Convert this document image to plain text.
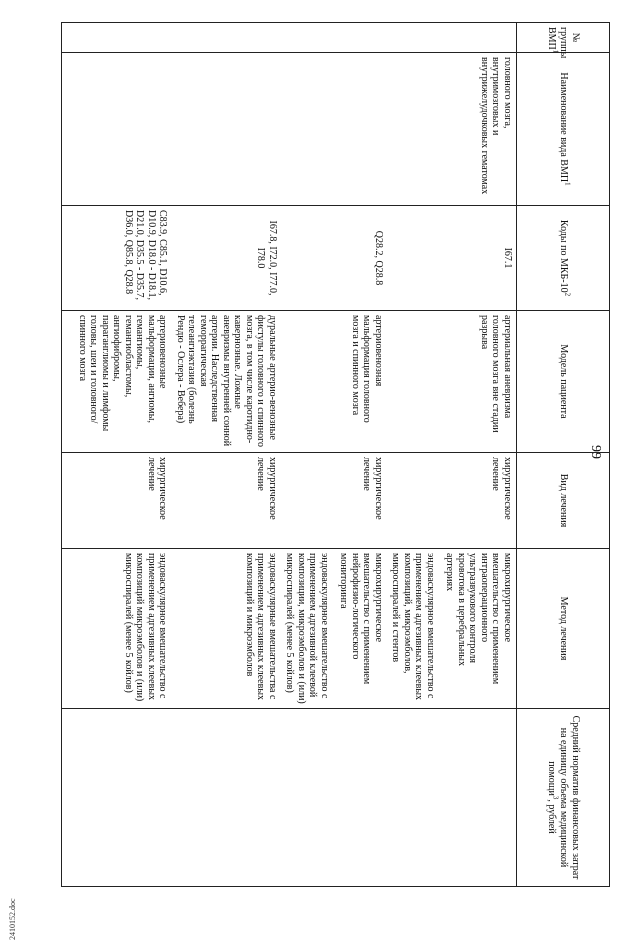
99
2410152.doc
№ группы ВМП$^1$	Наименование вида ВМП$^1$	Коды по МКБ-$10^2$	Модель пациента	Вид лечения	Метод лечения	Средний норматив финансовых затрат на единицу объема медицинской помощи$^3$, рублей
	головного мозга, внутримозговых и внутрижелудочковых гематомах	I67.1	артериальная аневризма головного мозга вне стадии разрыва	хирургическое лечение	микрохирургическое вмешательство с применением интраоперационного ультразвукового контроля кровотока в церебральных артериях

эндоваскулярное вмешательство с применением адгезивных клеевых композиций, микроэмболов, микроспиралей и стентов	

		Q28.2, Q28.8	артериовенозная мальформация головного мозга и спинного мозга	хирургическое лечение	микрохирургическое вмешательство с применением нейрофизио-логического мониторинга

эндоваскулярное вмешательство с применением адгезивной клеевой композиции, микроэмболов и (или) микроспиралей (менее 5 койлов)	

		I67.8, I72.0, I77.0, I78.0	дуральные артерио-венозные фистулы головного и спинного мозга, в том числе каротидно-кавернозные. Ложные аневризмы внутренней сонной артерии. Наследственная геморрагическая телеангиэктазия (болезнь Рендю - Ослера - Вебера)	хирургическое лечение	эндоваскулярные вмешательства с применением адгезивных клеевых композиций и микроэмболов	

		C83.9, C85.1, D10.6, D10.9, D18.0 - D18.1, D21.0, D35.5 - D35.7, D36.0, Q85.8, Q28.8	артериовенозные мальформации, ангиомы, гемангиомы, гемангиобластомы, ангиофибромы, параганглиомы и лимфомы головы, шеи и головного/спинного мозга	хирургическое лечение	эндоваскулярное вмешательство с применением адгезивных клеевых композиций микроэмболов и (или) микроспиралей (менее 5 койлов)	
